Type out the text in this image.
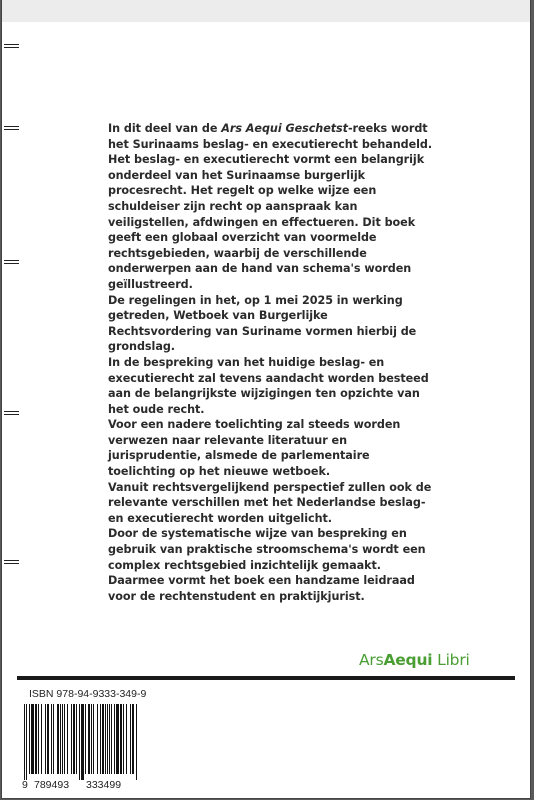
In dit deel van de Ars Aequi Geschetst-reeks wordt het Surinaams beslag- en executierecht behandeld. Het beslag- en executierecht vormt een belangrijk onderdeel van het Surinaamse burgerlijk procesrecht. Het regelt op welke wijze een schuldeiser zijn recht op aanspraak kan veiligstellen, afdwingen en effectueren. Dit boek geeft een globaal overzicht van voormelde rechtsgebieden, waarbij de verschillende onderwerpen aan de hand van schema's worden geïllustreerd.

De regelingen in het, op 1 mei 2025 in werking getreden, Wetboek van Burgerlijke Rechtsvordering van Suriname vormen hierbij de grondslag.

In de bespreking van het huidige beslag- en executierecht zal tevens aandacht worden besteed aan de belangrijkste wijzigingen ten opzichte van het oude recht.

Voor een nadere toelichting zal steeds worden verwezen naar relevante literatuur en jurisprudentie, alsmede de parlementaire toelichting op het nieuwe wetboek.

Vanuit rechtsvergelijkend perspectief zullen ook de relevante verschillen met het Nederlandse beslag- en executierecht worden uitgelicht.

Door de systematische wijze van bespreking en gebruik van praktische stroomschema's wordt een complex rechtsgebied inzichtelijk gemaakt. Daarmee vormt het boek een handzame leidraad voor de rechtenstudent en praktijkjurist.

ArsAequi Libri
ISBN 978-94-9333-349-9
9 789493 333499
